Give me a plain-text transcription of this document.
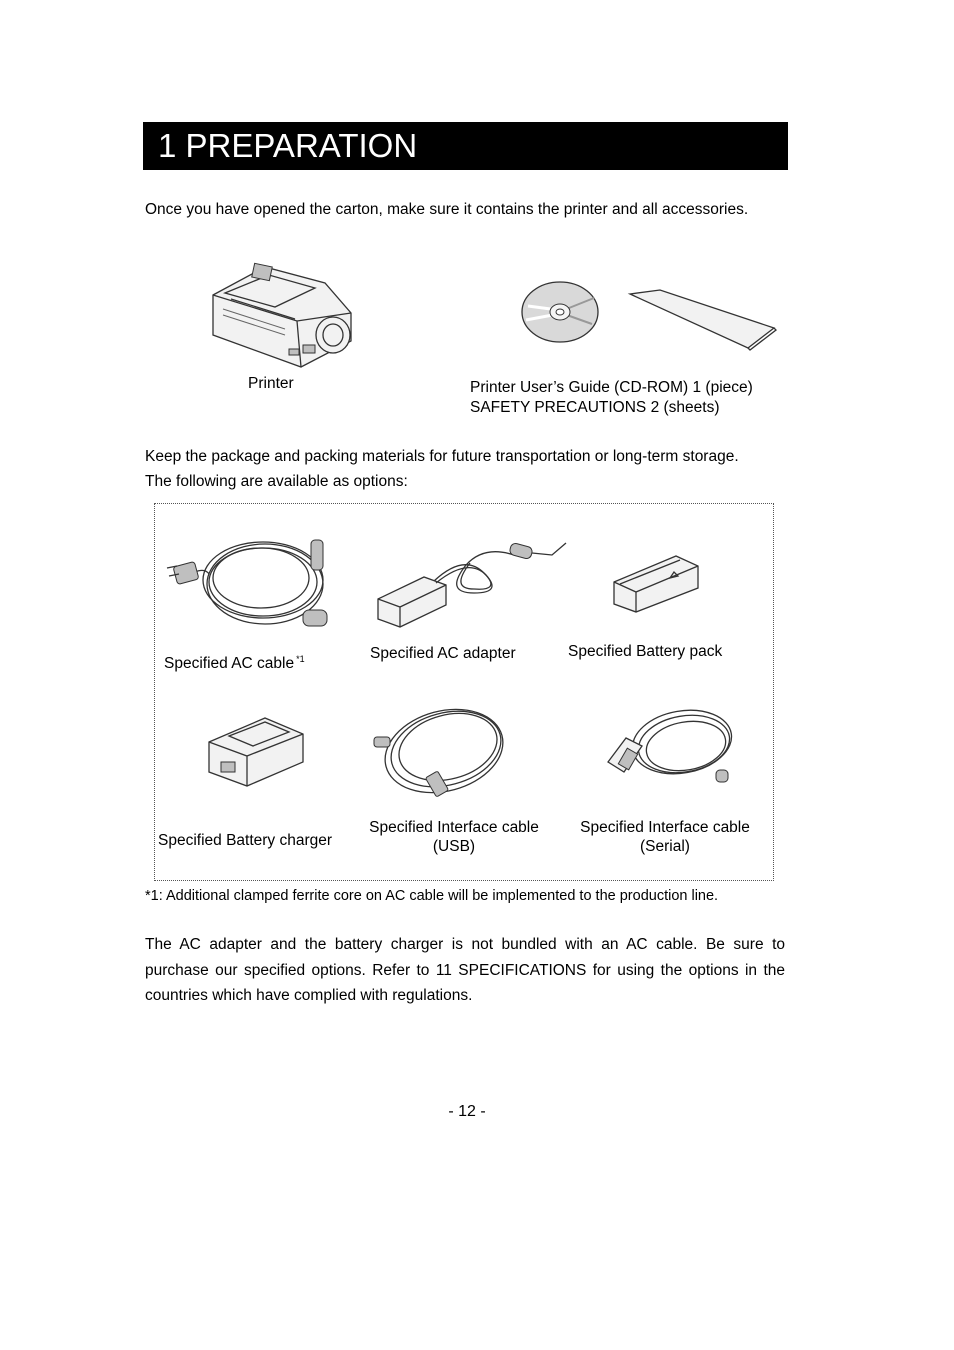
1 PREPARATION
Once you have opened the carton, make sure it contains the printer and all accessories.
Printer	Printer User’s Guide (CD-ROM) 1 (piece)
SAFETY PRECAUTIONS 2 (sheets)
Keep the package and packing materials for future transportation or long-term storage.
The following are available as options:
Specified AC cable $^{*1}$	Specified AC adapter	Specified Battery pack
Specified Battery charger
Specified Interface cable
(USB)
Specified Interface cable
(Serial)
*1: Additional clamped ferrite core on AC cable will be implemented to the production line.
The AC adapter and the battery charger is not bundled with an AC cable. Be sure to purchase our specified options. Refer to 11 SPECIFICATIONS for using the options in the countries which have complied with regulations.
- 12 -
